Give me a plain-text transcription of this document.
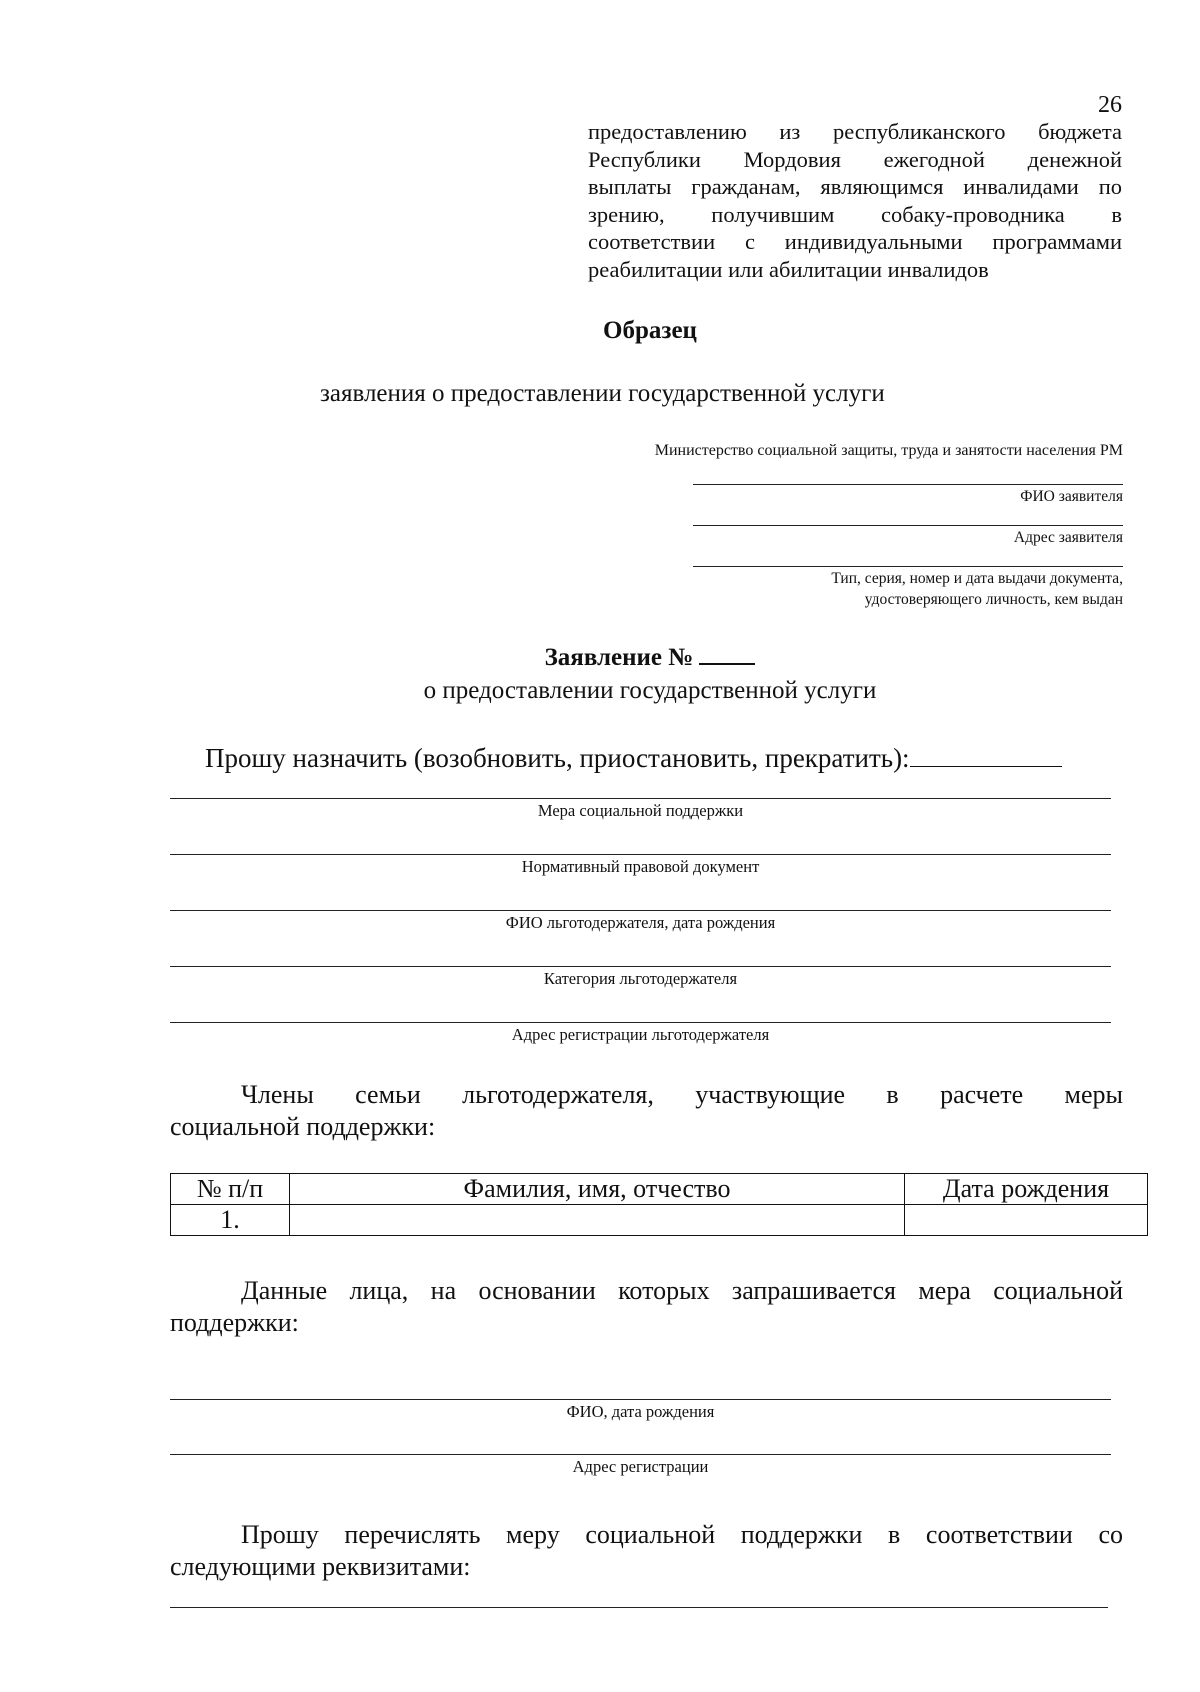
26
предоставлению из республиканского бюджета
Республики Мордовия ежегодной денежной
выплаты гражданам, являющимся инвалидами по
зрению, получившим собаку-проводника в
соответствии с индивидуальными программами
реабилитации или абилитации инвалидов
Образец
заявления о предоставлении государственной услуги
Министерство социальной защиты, труда и занятости населения РМ
ФИО заявителя
Адрес заявителя
Тип, серия, номер и дата выдачи документа,
удостоверяющего личность, кем выдан
Заявление №
о предоставлении государственной услуги
Прошу назначить (возобновить, приостановить, прекратить):
Мера социальной поддержки
Нормативный правовой документ
ФИО льготодержателя, дата рождения
Категория льготодержателя
Адрес регистрации льготодержателя
Члены семьи льготодержателя, участвующие в расчете меры
социальной поддержки:
№ п/п	Фамилия, имя, отчество	Дата рождения
1.		
Данные лица, на основании которых запрашивается мера социальной
поддержки:
ФИО, дата рождения
Адрес регистрации
Прошу перечислять меру социальной поддержки в соответствии со
следующими реквизитами:
